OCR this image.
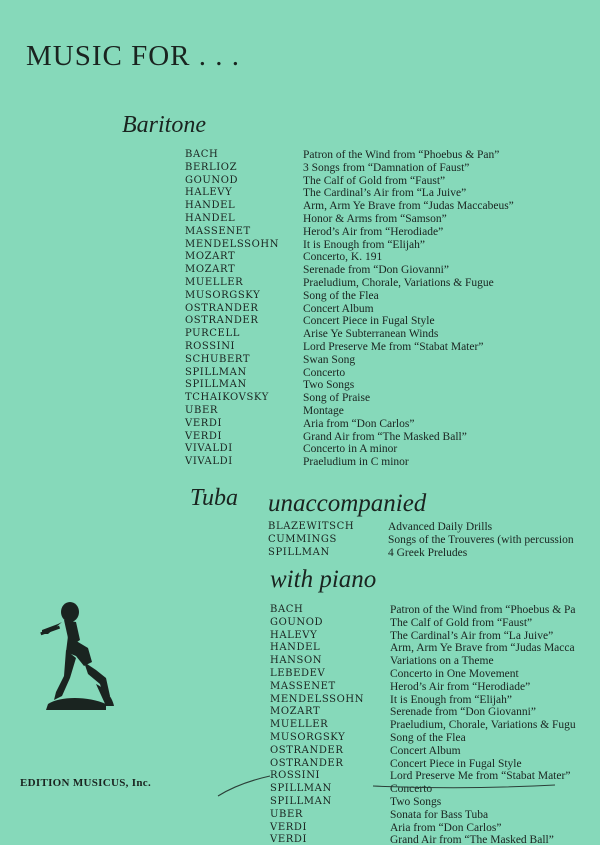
MUSIC FOR . . .
Baritone
BACH	Patron of the Wind from “Phoebus & Pan”
BERLIOZ	3 Songs from “Damnation of Faust”
GOUNOD	The Calf of Gold from “Faust”
HALEVY	The Cardinal’s Air from “La Juive”
HANDEL	Arm, Arm Ye Brave from “Judas Maccabeus”
HANDEL	Honor & Arms from “Samson”
MASSENET	Herod’s Air from “Herodiade”
MENDELSSOHN It is Enough from “Elijah”
MOZART	Concerto, K. 191
MOZART	Serenade from “Don Giovanni”
MUELLER	Praeludium, Chorale, Variations & Fugue
MUSORGSKY	Song of the Flea
OSTRANDER	Concert Album
OSTRANDER	Concert Piece in Fugal Style
PURCELL	Arise Ye Subterranean Winds
ROSSINI	Lord Preserve Me from “Stabat Mater”
SCHUBERT	Swan Song
SPILLMAN	Concerto
SPILLMAN	Two Songs
TCHAIKOVSKY	Song of Praise
UBER	Montage
VERDI	Aria from “Don Carlos”
VERDI	Grand Air from “The Masked Ball”
VIVALDI	Concerto in A minor
VIVALDI	Praeludium in C minor
Tuba unaccompanied
BLAZEWITSCH	Advanced Daily Drills
CUMMINGS	Songs of the Trouveres (with percussion
SPILLMAN	4 Greek Preludes
with piano
BACH	Patron of the Wind from “Phoebus & Pa
GOUNOD	The Calf of Gold from “Faust”
HALEVY	The Cardinal’s Air from “La Juive”
HANDEL	Arm, Arm Ye Brave from “Judas Macca
HANSON	Variations on a Theme
LEBEDEV	Concerto in One Movement
MASSENET	Herod’s Air from “Herodiade”
MENDELSSOHN It is Enough from “Elijah”
MOZART	Serenade from “Don Giovanni”
MUELLER	Praeludium, Chorale, Variations & Fugu
MUSORGSKY	Song of the Flea
OSTRANDER	Concert Album
OSTRANDER	Concert Piece in Fugal Style
ROSSINI	Lord Preserve Me from “Stabat Mater”
SPILLMAN	Concerto
SPILLMAN	Two Songs
UBER	Sonata for Bass Tuba
VERDI	Aria from “Don Carlos”
VERDI	Grand Air from “The Masked Ball”
EDITION MUSICUS, Inc.
